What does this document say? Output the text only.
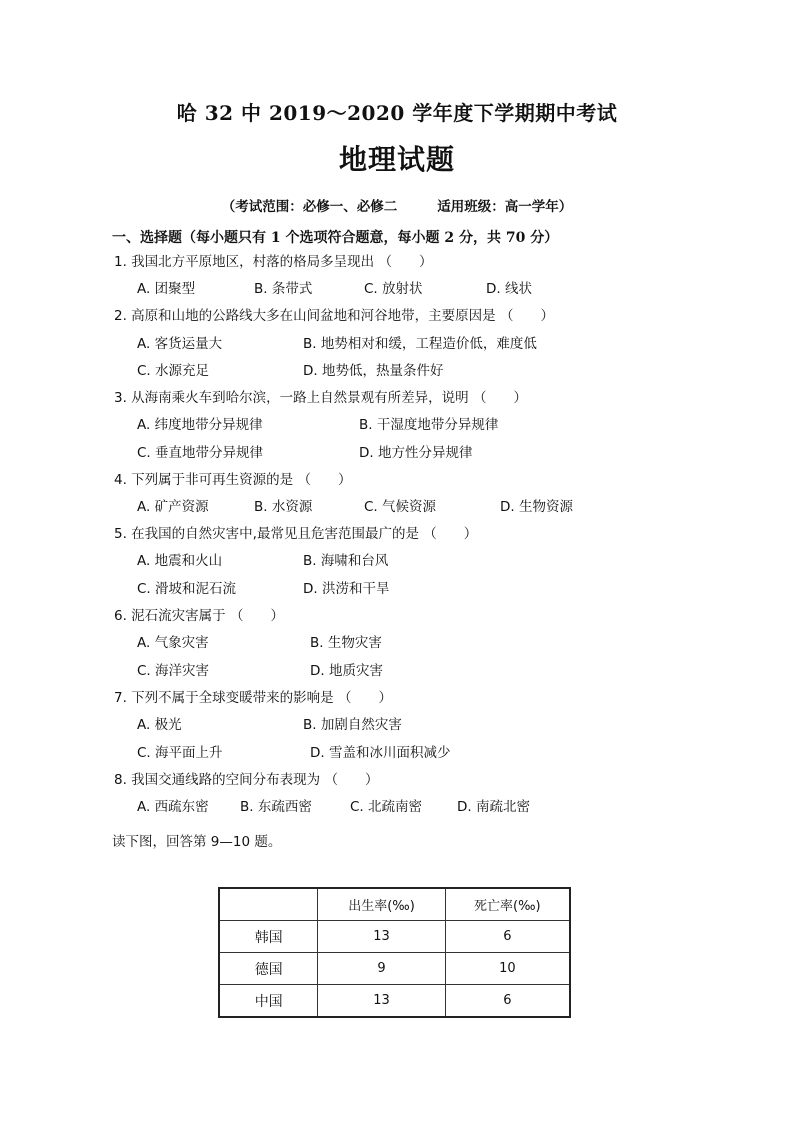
哈 32 中 2019～2020 学年度下学期期中考试
地理试题
（考试范围：必修一、必修二	适用班级：高一学年）
一、选择题（每小题只有 1 个选项符合题意，每小题 2 分，共 70 分）
1. 我国北方平原地区，村落的格局多呈现出 （　　）
A. 团聚型	B. 条带式	C. 放射状	D. 线状
2. 高原和山地的公路线大多在山间盆地和河谷地带，主要原因是 （　　）
A. 客货运量大	B. 地势相对和缓，工程造价低，难度低
C. 水源充足	D. 地势低，热量条件好
3. 从海南乘火车到哈尔滨，一路上自然景观有所差异，说明 （　　）
A. 纬度地带分异规律	B. 干湿度地带分异规律
C. 垂直地带分异规律	D. 地方性分异规律
4. 下列属于非可再生资源的是 （　　）
A. 矿产资源	B. 水资源	C. 气候资源	D. 生物资源
5. 在我国的自然灾害中,最常见且危害范围最广的是 （　　）
A. 地震和火山	B. 海啸和台风
C. 滑坡和泥石流	D. 洪涝和干旱
6. 泥石流灾害属于 （　　）
A. 气象灾害	B. 生物灾害
C. 海洋灾害	D. 地质灾害
7. 下列不属于全球变暖带来的影响是 （　　）
A. 极光	B. 加剧自然灾害
C. 海平面上升	D. 雪盖和冰川面积减少
8. 我国交通线路的空间分布表现为 （　　）
A. 西疏东密 B. 东疏西密	C. 北疏南密	D. 南疏北密
读下图，回答第 9—10 题。
	出生率(‰)	死亡率(‰)
韩国	13	6
德国	9	10
中国	13	6
